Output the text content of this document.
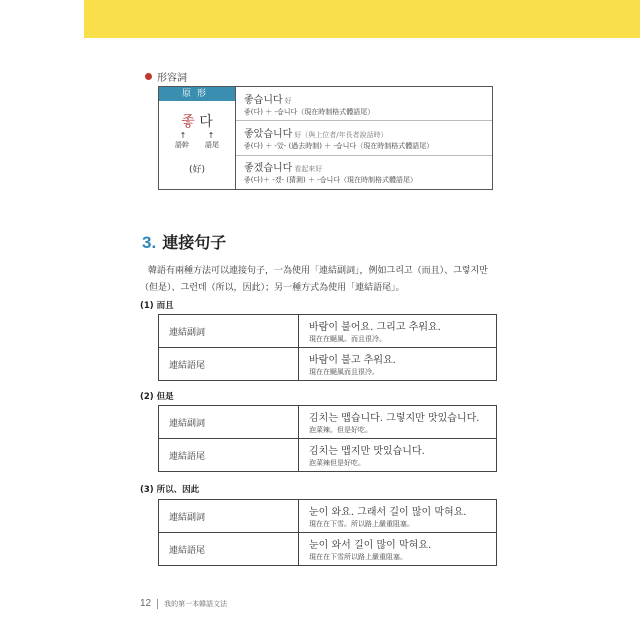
形容詞
原形
좋 다
↑	↑
語幹 語尾
(好)
좋습니다 好
좋(다) ＋ -습니다（現在時制格式體語尾）
좋았습니다 好（與上位者/年長者說話時）
좋(다) ＋ -았- (過去時制) ＋ -습니다（現在時制格式體語尾）
좋겠습니다 看起來好
좋(다)＋ -겠- (猜測) ＋ -습니다（現在時制格式體語尾）
3. 連接句子
韓語有兩種方法可以連接句子，一為使用「連結副詞」，例如그리고（而且）、그렇지만（但是）、그런데（所以，因此）；另一種方式為使用「連結語尾」。
(1) 而且
連結副詞	바람이 불어요. 그리고 추워요.
現在在颳風。而且很冷。
連結語尾	바람이 불고 추워요.
現在在颳風而且很冷。
(2) 但是
連結副詞	김치는 맵습니다. 그렇지만 맛있습니다.
泡菜辣。但是好吃。
連結語尾	김치는 맵지만 맛있습니다.
泡菜辣但是好吃。
(3) 所以、因此
連結副詞	눈이 와요. 그래서 길이 많이 막혀요.
現在在下雪。所以路上嚴重阻塞。
連結語尾	눈이 와서 길이 많이 막혀요.
現在在下雪所以路上嚴重阻塞。
12 我的第一本韓語文法
